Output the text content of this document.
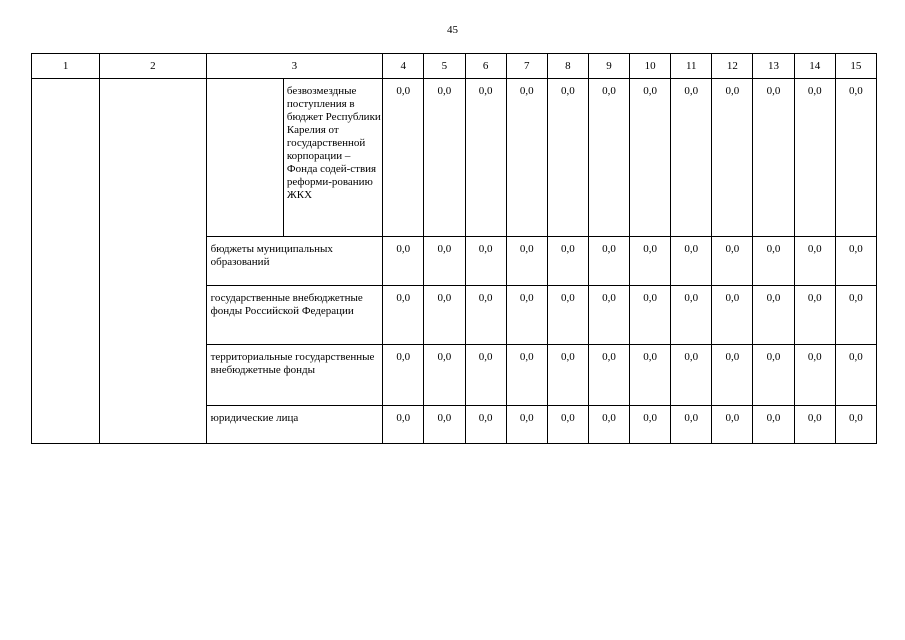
45
1	2	3		4	5	6	7	8	9	10	11	12	13	14	15
			безвозмездные поступления в бюджет Республики Карелия от государственной корпорации – Фонда содей-ствия реформи-рованию ЖКХ	0,0	0,0	0,0	0,0	0,0	0,0	0,0	0,0	0,0	0,0	0,0	0,0
		бюджеты муниципальных образований		0,0	0,0	0,0	0,0	0,0	0,0	0,0	0,0	0,0	0,0	0,0	0,0
		государственные внебюджетные фонды Российской Федерации		0,0	0,0	0,0	0,0	0,0	0,0	0,0	0,0	0,0	0,0	0,0	0,0
		территориальные государственные внебюджетные фонды		0,0	0,0	0,0	0,0	0,0	0,0	0,0	0,0	0,0	0,0	0,0	0,0
		юридические лица		0,0	0,0	0,0	0,0	0,0	0,0	0,0	0,0	0,0	0,0	0,0	0,0
